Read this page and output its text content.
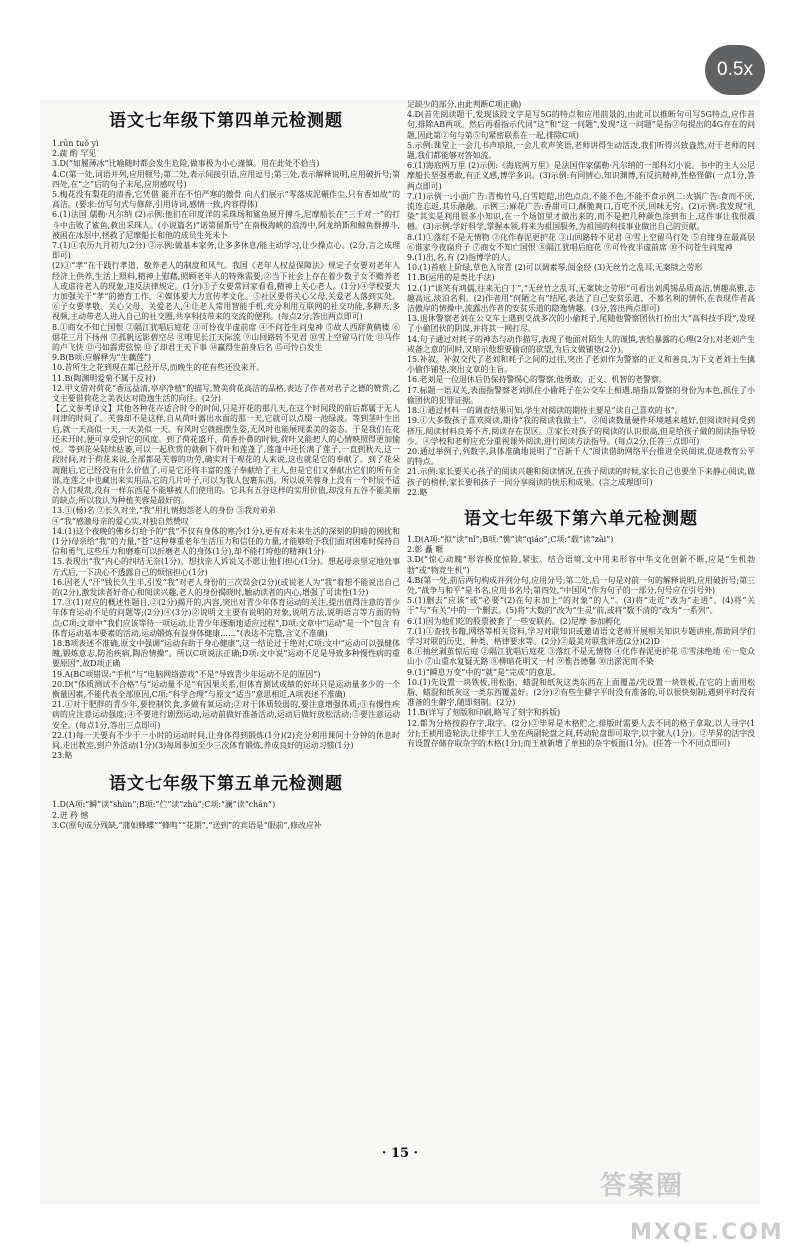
0.5x
语文七年级下第四单元检测题

1.rūn tuǒ yì

2.蔬 酌 罕见

3.D(“如履薄冰”比喻随时都会发生危险,做事极为小心谨慎。用在此处不恰当)

4.C(第一处,词语并列,应用顿号;第二处,表示间接引语,应用逗号;第三处,表示解释说明,应用破折号;第四处,在“之”后的句子末尾,应用感叹号)

5.梅花没有梨花的清香,它凭借 能开在不怕严寒的傲骨 向人们展示“零落成泥碾作尘,只有香如故”的高洁。(要求:仿写句式与修辞,引用诗词,感情一致,内容得体)

6.(1)法国 儒勒·凡尔纳 (2)示例:他们在印度洋的采珠场和鲨鱼展开搏斗,尼摩船长在“三千对一”的打斗中击败了鲨鱼,救出采珠人。(小说篇名)“诺第留斯号”在南极海峡的浪涛中,阿龙纳斯和鲸鱼群搏斗,被困在冰层中,拯救了尼摩船长和他的成员生死未卜

7.(1)①农历九月初九(2分) ②示例:做基本家务,让多多休息/能主动学习,让少操点心。(2分,言之成理即可)

(2)①“孝”在于践行孝道、敬养老人的制度和风气。我国《老年人权益保障法》规定子女要对老年人经济上供养,生活上照料,精神上慰藉,照顾老年人的特殊需要;②当下社会上存在着少数子女不赡养老人或虐待老人的现象,违反法律规定。(1分)③子女要常回家看看,精神上关心老人。(1分)④学校要大力加强关于“孝”的德育工作。④媒体要大力宣传孝文化。⑤社区要将关心父母,关爱老人落到实处。⑥子女要孝敬、关心父母、关爱老人,④让老人常用智能手机,充分利用互联网的社交功能,多聊天,多视频,主动带老人进入自己的社交圈,共享科技带来的交流的便利。(每点2分,答出两点即可)

8.①商女不知亡国恨 ②隔江犹唱后庭花 ③可怜夜半虚前席 ④不问苍生问鬼神 ⑤故人西辞黄鹤楼 ⑥烟花三月下扬州 ⑦孤帆远影碧空尽 ⑧唯见长江天际流 ⑨山回路转不见君 ⑩雪上空留马行处 ⑪马作的卢飞快 ⑫弓如霹雳弦惊 ⑬了却君王天下事 ⑭赢得生前身后名 ⑮可怜白发生

9.B(B项:应解释为“生藕莲”)

10.昔所生之花到现在都已经开尽,而晚生的花有些还没来开。

11.B(陶渊明爱菊不属于反衬)

12.甲文借对荷花“香远益清,亭亭净植”的描写,赞美荷花高洁的品格,表达了作者对君子之德的赞赏;乙文主要借荷花之美表达对隐逸生活的向往。(2分)

【乙文参考译文】其他各种花卉适合时令的时间,只是开花的那几天,在这个时间段的前后都属于无人问津的时间了。芙蓉却不是这样,自从荷叶露出水面的那一天,它就可以点缀一池绿波。等到茎叶生出后,就一天高似一天,一天美似一天。有风时它就摇摆生姿,无风时也能展现柔美的姿态。于是我们在花还未开时,便可享受到它的风度。到了荷花盛开、荷香扑鼻的时候,荷叶又能把人的心情映照得更加愉悦。等到花朵陆续枯萎,可以一起欣赏的就剩下荷叶和莲蓬了,莲蓬中还长满了莲子,一直到秋天,这一段时间,对于荷花来说,全部都是芙蓉的功劳,确实对于观花的人来说,这也就是它的奉献了。到了花朵凋谢后,它已经没有什么价值了,可是它还将丰富的莲子奉献给了主人,但是它们又奉献出它们的所有全部,连莲之中也藏出来实用品,它的几片叶子,可以为我人包裹东西。所以说芙蓉身上没有一个时辰不适合人们观赏,没有一样东西是不能够被人们使用的。它具有五谷这样的实用价值,却没有五谷不能美丽的缺点;所以我认为种植芙蓉是最好的。

13.①(杨)名 ②长久对坐,“我”用扎情抱怨老人的身份 ③我对弟弟

④“我”感激母亲的爱心实,对独自然赞叹

14.(1)这个夜晚的佛乡灯给予的“我”不仅有身体的寒冷(1分),更有对未来生活的深刻的阴暗的困扰和(1分)母亲给“我”的力量,“苍”这种尊重老年生活压力和信任的力量,才能够给予我们面对困难时保持自信和勇气,这些压力和磨难可以折磨老人的身体(1分),却不能打垮他的精神(1分)

15.表现出“我”内心的纠结无奈(1分)。想找亲人诉说又不愿让他们担心(1分)。想起母亲坚定地处事方式后,一下决心不透露自己的烦恼担心(1分)

16.因老人“汗”钱长久生半,引发“我”对老人身份的三次误会(2分)(或说老人为“我”着想不能说出自己的(2分),激发读者好奇心和阅读兴趣,老人的身份揭晓时,触动读者的内心,增强了可读性(1分)

17.③(1)对应的概述性题目,②(2分)揭开的,内容,突出对青少年体育运动的关注,提出值得注意的青少年体育运动不足的问题等;(2分)④(3分)②说明文主要有说明的对象,说明方法,说明语言等方面的特点;C项:文章中“我们应该等待一项运动,让青少年逐渐地适应过程”,D项:文章中“运动”是一个“包含 有体育运动基本要素的活动,运动锻炼有益身体健康……”(表达不完整,含义不准确)

18.B项表述不准确,原文中强调“运动有助于身心健康”,这一结论过于绝对,C项:文中“运动可以强健体魄,锻炼意志,防治疾病,陶冶情操”。所以C项说法正确;D项:文中说“运动不足是导致多种慢性病的重要原因”,故D项正确

19.A(BC项错误:“手机”与“电脑网络游戏”不是“导致青少年运动不足的原因”)

20.D(“体质测试不合格”与“运动量不足”有因果关系,但体育测试成绩的好坏只是运动量多少的一个衡量因素,不能代表全部原因,C项:“科学合理”与原文“适当”意思相近,A项表述不准确)

21.①对于肥胖的青少年,要控制饮食,多做有氧运动;②对于体质较弱的,要注意增强体质;③有慢性疾病的应注意运动强度;④不要进行剧烈运动,运动前做好准备活动,运动后做好放松活动;⑤要注意运动安全。(每点1分,答出三点即可)

22.(1)每一天要有不少于一小时的运动时间,让身体得到锻炼(1分)(2)充分利用课间十分钟的休息时间,走出教室,到户外活动(1分)(3)每周参加至少三次体育锻炼,养成良好的运动习惯(1分)

23.略

语文七年级下第五单元检测题

1.D(A项:“瞬”读“shùn”;B项:“伫”读“zhù”;C项:“澜”读“chán”)

2.迸 矜 憾

3.C(原句成分残缺,“蒲如蜂蝶”“蜂鸣”“花期”,“送到”的宾语是“眼前”,修改应补

足缺少的部分,由此判断C项正确)

4.D(首先阅读题干,发现该段文字是写5G的特点和应用前景的,由此可以推断句可写5G特点,应作首句,排除AB两项。然后再看指示代词“这”和“这一问题”,发现“这一问题”是指②句提出的4G存在的问题,因此第②句与第⑤句紧密联系在一起,排除C项)

5.示例:课堂上一会儿书声琅琅,一会儿欢声笑语,老师讲得生动活泼,我们听得兴致盎然,对于老师的问题,我们都能够对答如流。

6.(1)海底两万里 (2)示例:《海底两万里》是法国作家儒勒·凡尔纳的一部科幻小说。书中的主人公尼摩船长坚强勇敢,有正义感,博学多识。(3)示例:有同情心,知识渊博,有反抗精神,性格怪僻(一点1分,答两点即可)

7.(1)示例一:小面广告:青梅竹马,白雪皑皑,出色点点,不能不色,不能不食示例二:火锅广告:食而不厌,流连忘返,其乐融融。示例三:麻花广告:香甜可口,酥脆爽口,百吃不厌,回味无穷。(2)示例:我发现“扎染”其实是利用很多小知识,在一个场馆里才做出来的,而不是把几种颜色涂到布上,这件事让我很震撼。(3)示例:学好科学,掌握本领,将来为祖国服务,为祖国的科技事业做出自己的贡献。

8.(1)①落红不是无情物 ②化作春泥更护花 ③山回路转不见君 ④雪上空留马行处 ⑤自缘身在最高层 ⑥谁家今夜扁舟子 ⑦商女不知亡国恨 ⑧隔江犹唱后庭花 ⑨可怜夜半虚前席 ⑩不问苍生问鬼神

9.(1)出,名,有 (2)指博学的人。

10.(1)苔痕上阶绿,草色入帘青 (2)可以调素琴,阅金经 (3)无丝竹之乱耳,无案牍之劳形

11.B(运用的是类比手法)

12.(1)“谈笑有鸿儒,往来无白丁”,“无丝竹之乱耳,无案牍之劳形”可看出刘禹锡品质高洁,情趣高雅,志趣高远,淡泊名利。(2)作者用“何陋之有”结尾,表达了自己安贫乐道、不慕名利的情怀,在表现作者高洁傲岸的情操中,流露出作者的安贫乐道的隐逸情趣。(3分,答出两点即可)

13.退休警察老刘在公交车上遇到交战多次的小偷耗子,尾随他警察团伙打扮出大“高科技手段”,发现了小偷团伙的阴谋,并将其一网打尽。

14.句子通过对耗子的神态与动作描写,表现了他面对陌生人的谨慎,害怕暴露的心理(2分),对老刘产生戒备之意的同时,又暗示他想要偷窃的欲望,为后文做铺垫(2分)。

15.补叙。补叙交代了老刘和耗子之间的过往,突出了老刘作为警察的正义和善良,为下文老刘士生擒小偷作铺垫,突出文章的主旨。

16.老刘是一位退休后仍保持警惕心的警察,他勇敢、正义、机智的老警察。

17.标题一语双关,表面指警察老刘抓住小偷耗子在公交车上相遇,暗指以警察的身份为本色,抓住了小偷团伙的犯罪证据。

18.①通过材料一的调查结果可知,学生对阅读的期待主要是“读自己喜欢的书”。

19.①大多数孩子喜欢阅读,期待“我的阅读我做主”。②阅读数量硬件环境越来越好,但阅读时间受到挤压,阅读材料良莠不齐,阅读存在误区。③家长对孩子的阅读的认识很高,但是给孩子做的阅读指导较少。④学校和老师应充分重视课外阅读,进行阅读方法指导。(每点2分,任答三点即可)

20.通过举例子,列数字,具体准确地说明了“百新千人”阅读借助网络平台推进全民阅读,促进教育公平的特点。

21.示例:家长要关心孩子的阅读兴趣和阅读情况,在孩子阅读的时候,家长自己也要坐下来静心阅读,做孩子的榜样;家长要和孩子一同分享阅读的快乐和成果。(言之成理即可)

22.略

语文七年级下第六单元检测题

1.D(A项:“拟”读“nǐ”;B项:“憔”读“qiáo”;C项:“载”读“zài”)

2.彰 矗 暱

3.D(“惊心动魄”形容极度惊险,紧张。结合语境,文中用来形容中华文化创新不断,应是“生机勃勃”或“物竞生机”)

4.B(第一处,前后两句构成并列分句,应用分号;第二处,后一句是对前一句的解释说明,应用破折号;第三处,“战争与和平”是书名,应用书名号;第四处,“中国风”作为句子的一部分,句号应在引号外)

5.(1)删去“应该”或“必要”(2)在句末加上“的对象”的人”。(3)将“走近”改为“走进”。(4)将“关于”与“有关”中的一个删去。(5)将“大数的”改为“生灵”前,或将“数不清的”改为“一系列”。

6.(1)因为他们吃的股票被套了一些安联药。(2)尼摩 参加孵化

7.(1)①查找书籍,网络等相关资料,学习对联知识或邀请语文老师开展相关知识专题讲座,帮助同学们学习对联的历史、种类、格律要求等。(2分)②最美对联我评选(2分)(2)D

8.①抽丝剥茧惊后庭 ②隔江犹唱后庭花 ③落红不是无情物 ④化作春泥更护花 ⑤雪沫绝地 ⑥一览众山小 ⑦山重水复疑无路 ⑧柳暗花明又一村 ⑨惟吾德馨 ⑩出淤泥而不染

9.(1)“瞬息万变”中的“就”是“完成”的意思。

10.(1)先设置一块铁板,用松脂、蜡混和纸灰这类东西在上面覆盖/先设置一块铁板,在它的上面用松脂、蜡混和纸灰这一类东西覆盖好。(2分)②有些生僻字平时没有准备的,可以很快刻制,遇到平时没有准备的生僻字,随即刻制。(2分)

11.B(详写了刻版和印刷,略写了刻字和拆版)

12.都为分格按韵存字,取字。(2分)②毕昇是木格贮之,排版时需要人去不同的格子拿取,以人寻字(1分);王祯用造轮法,让排字工人坐在两副轮盘之间,转动轮盘即可取字,以字就人(1分)。②毕昇的活字没有设置存储存取杂字的木格(1分);而王祯新增了单独的杂字板面(1分)。(任答一个不同点即可)

· 15 ·
答案圈
MXQE.COM
